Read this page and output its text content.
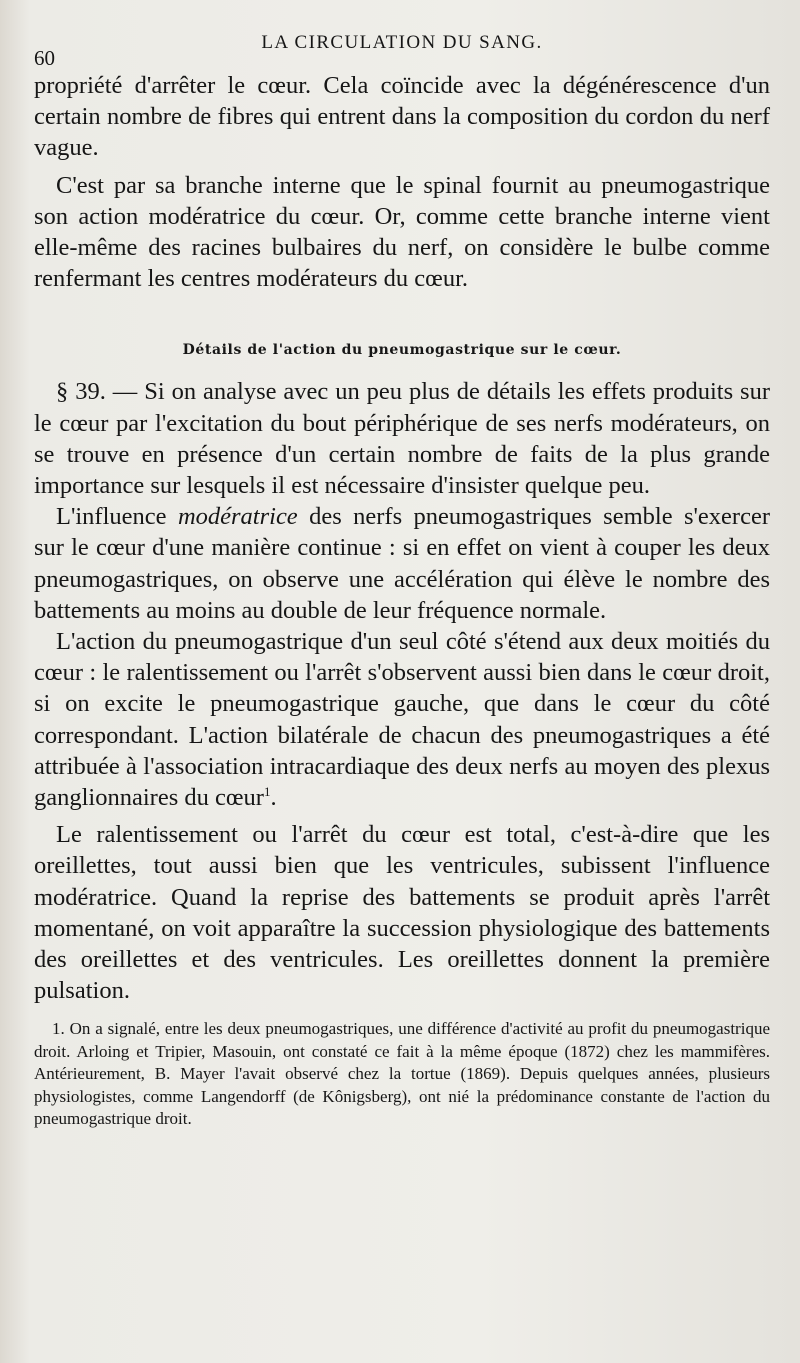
60
LA CIRCULATION DU SANG.

propriété d'arrêter le cœur. Cela coïncide avec la dégénérescence d'un certain nombre de fibres qui entrent dans la composition du cordon du nerf vague.

C'est par sa branche interne que le spinal fournit au pneumogastrique son action modératrice du cœur. Or, comme cette branche interne vient elle-même des racines bulbaires du nerf, on considère le bulbe comme renfermant les centres modérateurs du cœur.

Détails de l'action du pneumogastrique sur le cœur.

§ 39. — Si on analyse avec un peu plus de détails les effets produits sur le cœur par l'excitation du bout périphérique de ses nerfs modérateurs, on se trouve en présence d'un certain nombre de faits de la plus grande importance sur lesquels il est nécessaire d'insister quelque peu.

L'influence modératrice des nerfs pneumogastriques semble s'exercer sur le cœur d'une manière continue : si en effet on vient à couper les deux pneumogastriques, on observe une accélération qui élève le nombre des battements au moins au double de leur fréquence normale.

L'action du pneumogastrique d'un seul côté s'étend aux deux moitiés du cœur : le ralentissement ou l'arrêt s'observent aussi bien dans le cœur droit, si on excite le pneumogastrique gauche, que dans le cœur du côté correspondant. L'action bilatérale de chacun des pneumogastriques a été attribuée à l'association intracardiaque des deux nerfs au moyen des plexus ganglionnaires du cœur$^1$.

Le ralentissement ou l'arrêt du cœur est total, c'est-à-dire que les oreillettes, tout aussi bien que les ventricules, subissent l'influence modératrice. Quand la reprise des battements se produit après l'arrêt momentané, on voit apparaître la succession physiologique des battements des oreillettes et des ventricules. Les oreillettes donnent la première pulsation.

1. On a signalé, entre les deux pneumogastriques, une différence d'activité au profit du pneumogastrique droit. Arloing et Tripier, Masouin, ont constaté ce fait à la même époque (1872) chez les mammifères. Antérieurement, B. Mayer l'avait observé chez la tortue (1869). Depuis quelques années, plusieurs physiologistes, comme Langendorff (de Kônigsberg), ont nié la prédominance constante de l'action du pneumogastrique droit.
